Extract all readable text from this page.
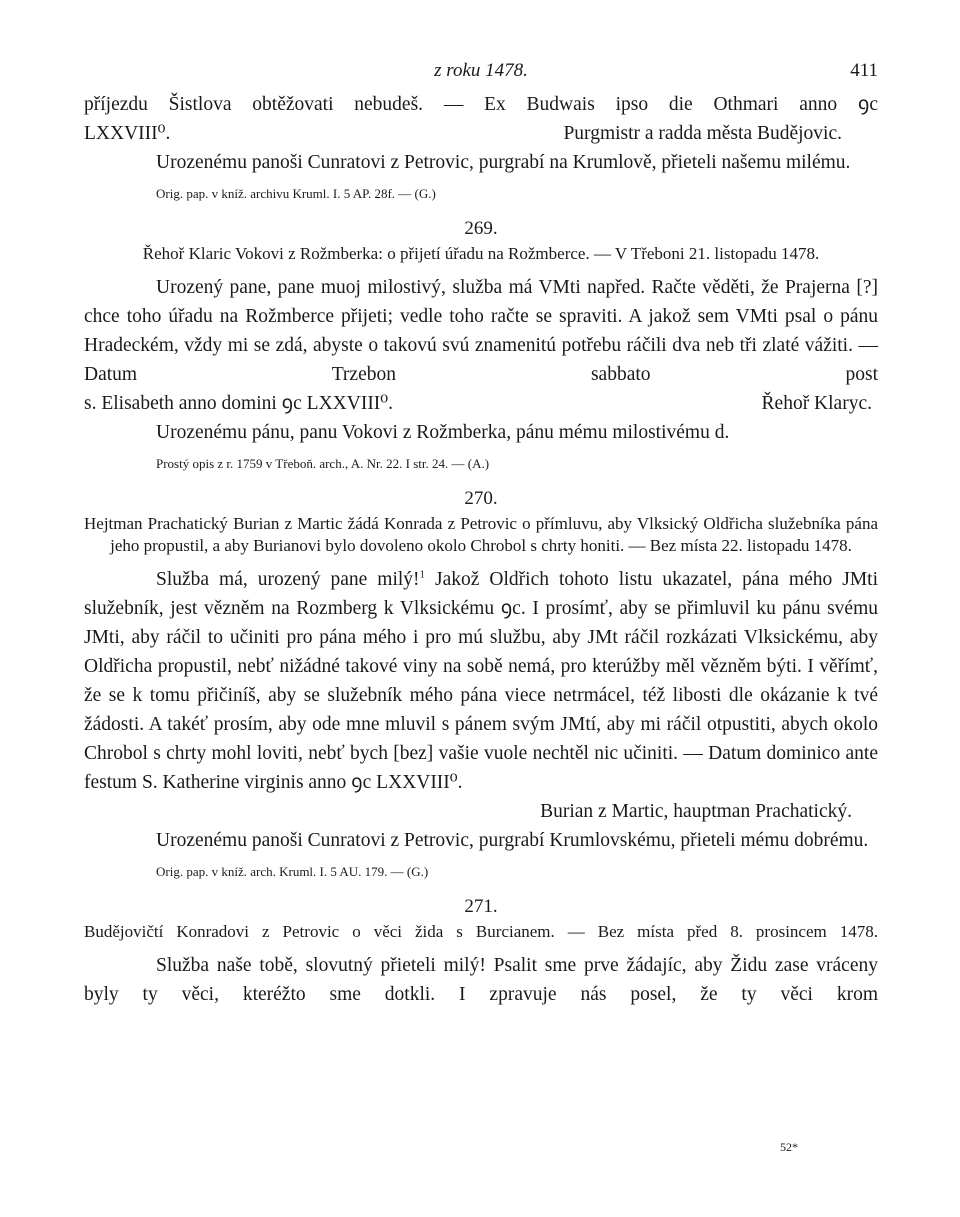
z roku 1478.	411

příjezdu Šistlova obtěžovati nebudeš. — Ex Budwais ipso die Othmari anno ꝯc

LXXVIII⁰.	Purgmistr a radda města Budějovic.

Urozenému panoši Cunratovi z Petrovic, purgrabí na Krumlově, přieteli našemu milému.

Orig. pap. v kníž. archivu Kruml. I. 5 AP. 28f. — (G.)

269.

Řehoř Klaric Vokovi z Rožmberka: o přijetí úřadu na Rožmberce. — V Třeboni 21. listopadu 1478.

Urozený pane, pane muoj milostivý, služba má VMti napřed. Račte věděti, že Prajerna [?] chce toho úřadu na Rožmberce přijeti; vedle toho račte se spraviti. A jakož sem VMti psal o pánu Hradeckém, vždy mi se zdá, abyste o takovú svú znamenitú potřebu ráčili dva neb tři zlaté vážiti. — Datum Trzebon sabbato post

s. Elisabeth anno domini ꝯc LXXVIII⁰.	Řehoř Klaryc.

Urozenému pánu, panu Vokovi z Rožmberka, pánu mému milostivému d.

Prostý opis z r. 1759 v Třeboň. arch., A. Nr. 22. I str. 24. — (A.)

270.

Hejtman Prachatický Burian z Martic žádá Konrada z Petrovic o přímluvu, aby Vlksický Oldřicha služebníka pána jeho propustil, a aby Burianovi bylo dovoleno okolo Chrobol s chrty honiti. — Bez místa 22. listopadu 1478.

Služba má, urozený pane milý!$^1$ Jakož Oldřich tohoto listu ukazatel, pána mého JMti služebník, jest vězněm na Rozmberg k Vlksickému ꝯc. I prosímť, aby se přimluvil ku pánu svému JMti, aby ráčil to učiniti pro pána mého i pro mú službu, aby JMt ráčil rozkázati Vlksickému, aby Oldřicha propustil, nebť nižádné takové viny na sobě nemá, pro kterúžby měl vězněm býti. I věřímť, že se k tomu přičiníš, aby se služebník mého pána viece netrmácel, též libosti dle okázanie k tvé žádosti. A takéť prosím, aby ode mne mluvil s pánem svým JMtí, aby mi ráčil otpustiti, abych okolo Chrobol s chrty mohl loviti, nebť bych [bez] vašie vuole nechtěl nic učiniti. — Datum dominico ante festum S. Katherine virginis anno ꝯc LXXVIII⁰.

Burian z Martic, hauptman Prachatický.

Urozenému panoši Cunratovi z Petrovic, purgrabí Krumlovskému, přieteli mému dobrému.

Orig. pap. v kníž. arch. Kruml. I. 5 AU. 179. — (G.)

271.

Budějovičtí Konradovi z Petrovic o věci žida s Burcianem. — Bez místa před 8. prosincem 1478.

Služba naše tobě, slovutný přieteli milý! Psalit sme prve žádajíc, aby Židu zase vráceny byly ty věci, kteréžto sme dotkli. I zpravuje nás posel, že ty věci krom

52*
